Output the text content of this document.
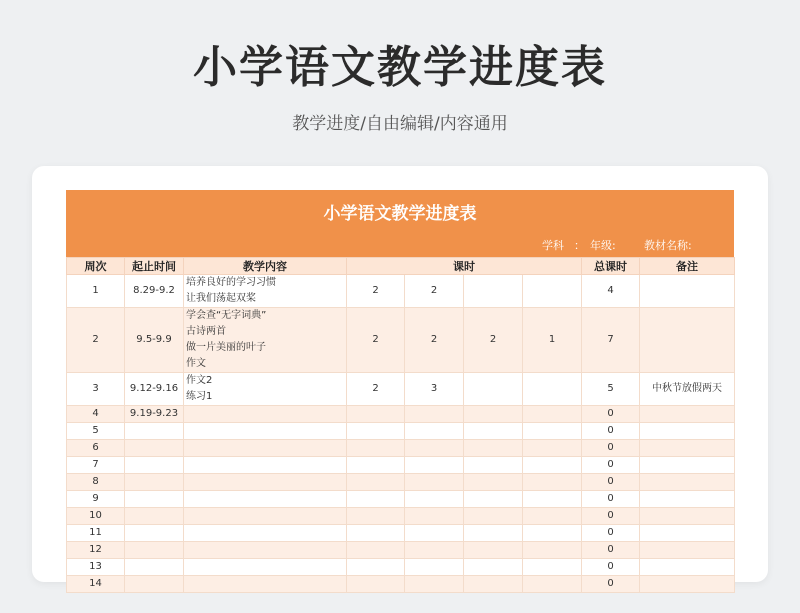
小学语文教学进度表
教学进度/自由编辑/内容通用
小学语文教学进度表
学科 ： 年级:	教材名称:
周次	起止时间	教学内容	课时				总课时	备注
1	8.29-9.2	培养良好的学习习惯
让我们荡起双桨	2	2			4	
2	9.5-9.9	学会查“无字词典”
古诗两首
做一片美丽的叶子
作文	2	2	2	1	7	
3	9.12-9.16	作文2
练习1	2	3			5	中秋节放假两天
4	9.19-9.23						0	
5							0	
6							0	
7							0	
8							0	
9							0	
10							0	
11							0	
12							0	
13							0	
14							0	
